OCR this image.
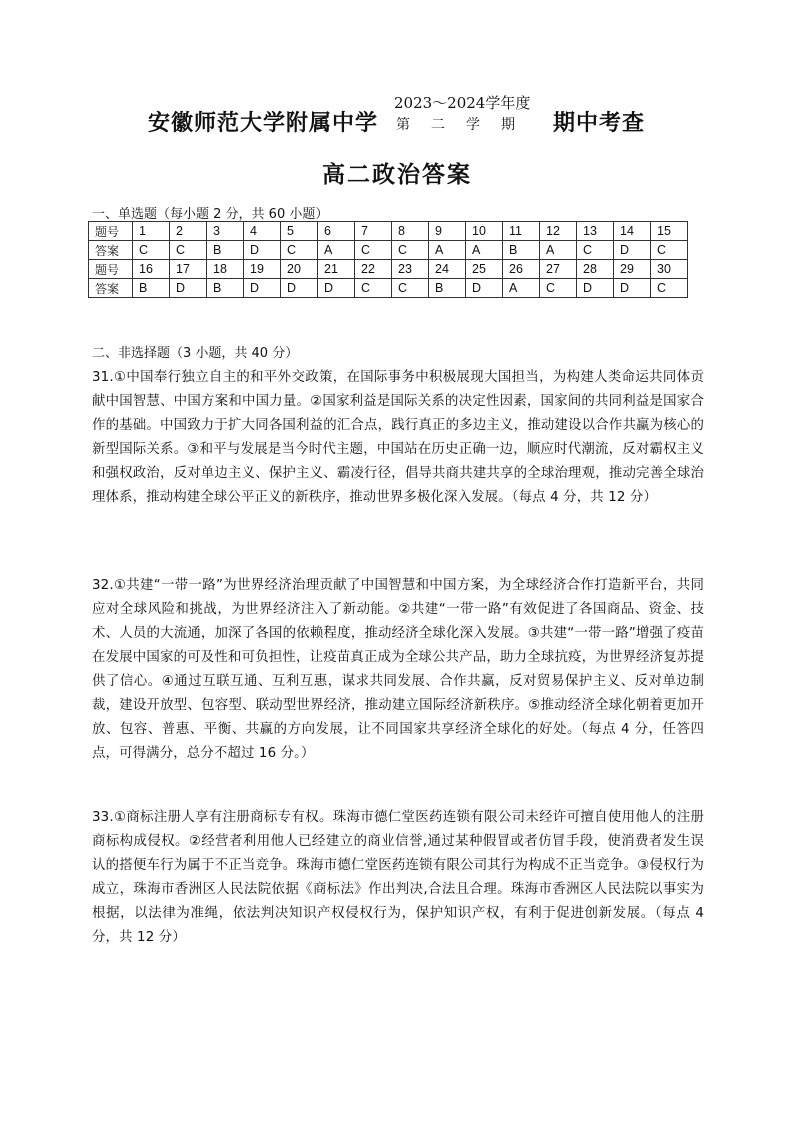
安徽师范大学附属中学
2023～2024学年度
第 二 学 期	期中考查
高二政治答案
一、单选题（每小题 2 分，共 60 小题）
题号	1	2	3	4	5	6	7	8	9	10	11	12	13	14	15
答案	C	C	B	D	C	A	C	C	A	A	B	A	C	D	C
题号	16	17	18	19	20	21	22	23	24	25	26	27	28	29	30
答案	B	D	B	D	D	D	C	C	B	D	A	C	D	D	C
二、非选择题（3 小题，共 40 分）
31.①中国奉行独立自主的和平外交政策，在国际事务中积极展现大国担当，为构建人类命运共同体贡献中国智慧、中国方案和中国力量。②国家利益是国际关系的决定性因素，国家间的共同利益是国家合作的基础。中国致力于扩大同各国利益的汇合点，践行真正的多边主义，推动建设以合作共赢为核心的新型国际关系。③和平与发展是当今时代主题，中国站在历史正确一边，顺应时代潮流，反对霸权主义和强权政治，反对单边主义、保护主义、霸凌行径，倡导共商共建共享的全球治理观，推动完善全球治理体系，推动构建全球公平正义的新秩序，推动世界多极化深入发展。（每点 4 分，共 12 分）
32.①共建“一带一路”为世界经济治理贡献了中国智慧和中国方案，为全球经济合作打造新平台，共同应对全球风险和挑战，为世界经济注入了新动能。②共建“一带一路”有效促进了各国商品、资金、技术、人员的大流通，加深了各国的依赖程度，推动经济全球化深入发展。③共建“一带一路”增强了疫苗在发展中国家的可及性和可负担性，让疫苗真正成为全球公共产品，助力全球抗疫，为世界经济复苏提供了信心。④通过互联互通、互利互惠，谋求共同发展、合作共赢，反对贸易保护主义、反对单边制裁，建设开放型、包容型、联动型世界经济，推动建立国际经济新秩序。⑤推动经济全球化朝着更加开放、包容、普惠、平衡、共赢的方向发展，让不同国家共享经济全球化的好处。（每点 4 分，任答四点，可得满分，总分不超过 16 分。）
33.①商标注册人享有注册商标专有权。珠海市德仁堂医药连锁有限公司未经许可擅自使用他人的注册商标构成侵权。②经营者利用他人已经建立的商业信誉,通过某种假冒或者仿冒手段，使消费者发生误认的搭便车行为属于不正当竞争。珠海市德仁堂医药连锁有限公司其行为构成不正当竞争。③侵权行为成立，珠海市香洲区人民法院依据《商标法》作出判决,合法且合理。珠海市香洲区人民法院以事实为根据，以法律为准绳，依法判决知识产权侵权行为，保护知识产权，有利于促进创新发展。（每点 4 分，共 12 分）
